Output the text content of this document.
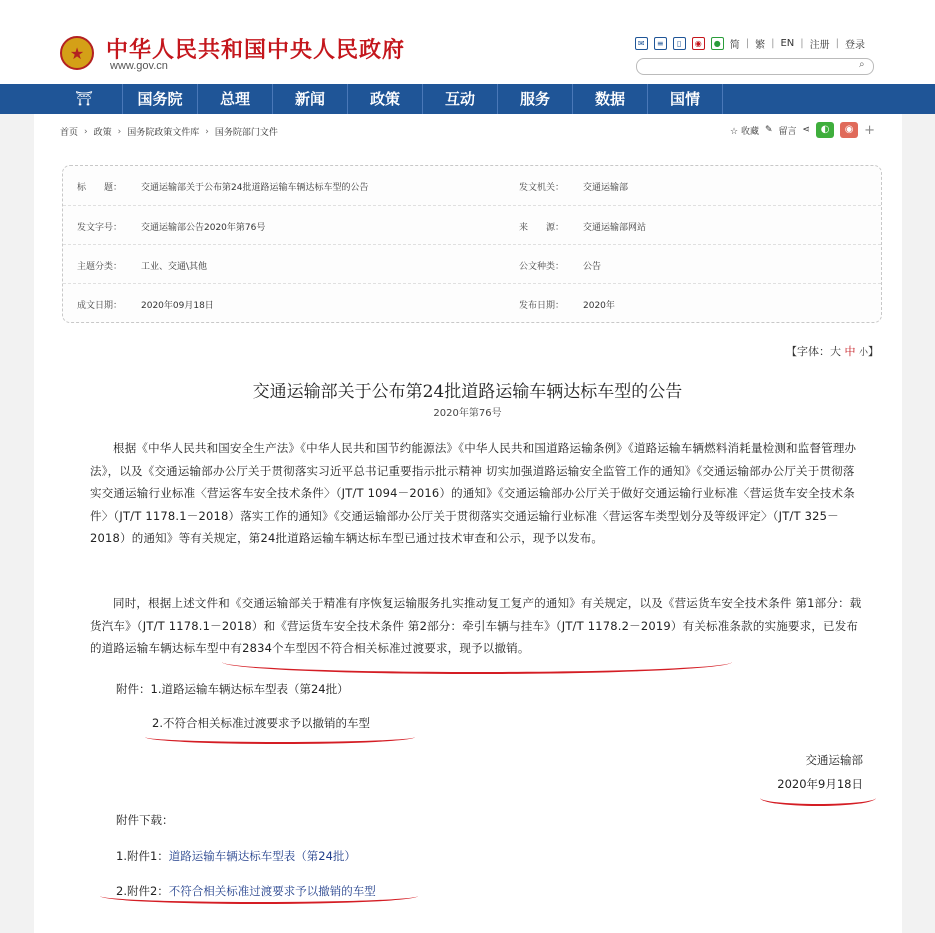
★ 中华人民共和国中央人民政府
www.gov.cn
✉	≡	▯	◉	● 简 | 繁 | EN | 注册 | 登录
⌕
⛩	国务院	总理	新闻	政策	互动	服务	数据	国情
首页 › 政策 › 国务院政策文件库 › 国务院部门文件	☆ 收藏 ✎ 留言 ⋖	◐	◉ +
标　　题：	交通运输部关于公布第24批道路运输车辆达标车型的公告	发文机关：	交通运输部
发文字号：	交通运输部公告2020年第76号	来　　源：	交通运输部网站
主题分类：	工业、交通\其他	公文种类：	公告
成文日期：	2020年09月18日	发布日期：	2020年
【字体：大 中 小】
交通运输部关于公布第24批道路运输车辆达标车型的公告
2020年第76号

根据《中华人民共和国安全生产法》《中华人民共和国节约能源法》《中华人民共和国道路运输条例》《道路运输车辆燃料消耗量检测和监督管理办法》，以及《交通运输部办公厅关于贯彻落实习近平总书记重要指示批示精神 切实加强道路运输安全监管工作的通知》《交通运输部办公厅关于贯彻落实交通运输行业标准〈营运客车安全技术条件〉（JT/T 1094－2016）的通知》《交通运输部办公厅关于做好交通运输行业标准〈营运货车安全技术条件〉（JT/T 1178.1－2018）落实工作的通知》《交通运输部办公厅关于贯彻落实交通运输行业标准〈营运客车类型划分及等级评定〉（JT/T 325－2018）的通知》等有关规定，第24批道路运输车辆达标车型已通过技术审查和公示，现予以发布。

同时，根据上述文件和《交通运输部关于精准有序恢复运输服务扎实推动复工复产的通知》有关规定，以及《营运货车安全技术条件 第1部分：载货汽车》（JT/T 1178.1－2018）和《营运货车安全技术条件 第2部分：牵引车辆与挂车》（JT/T 1178.2－2019）有关标准条款的实施要求，已发布的道路运输车辆达标车型中有2834个车型因不符合相关标准过渡要求，现予以撤销。

附件：1.道路运输车辆达标车型表（第24批）
2.不符合相关标准过渡要求予以撤销的车型
交通运输部
2020年9月18日
附件下载：
1.附件1：道路运输车辆达标车型表（第24批）
2.附件2：不符合相关标准过渡要求予以撤销的车型
